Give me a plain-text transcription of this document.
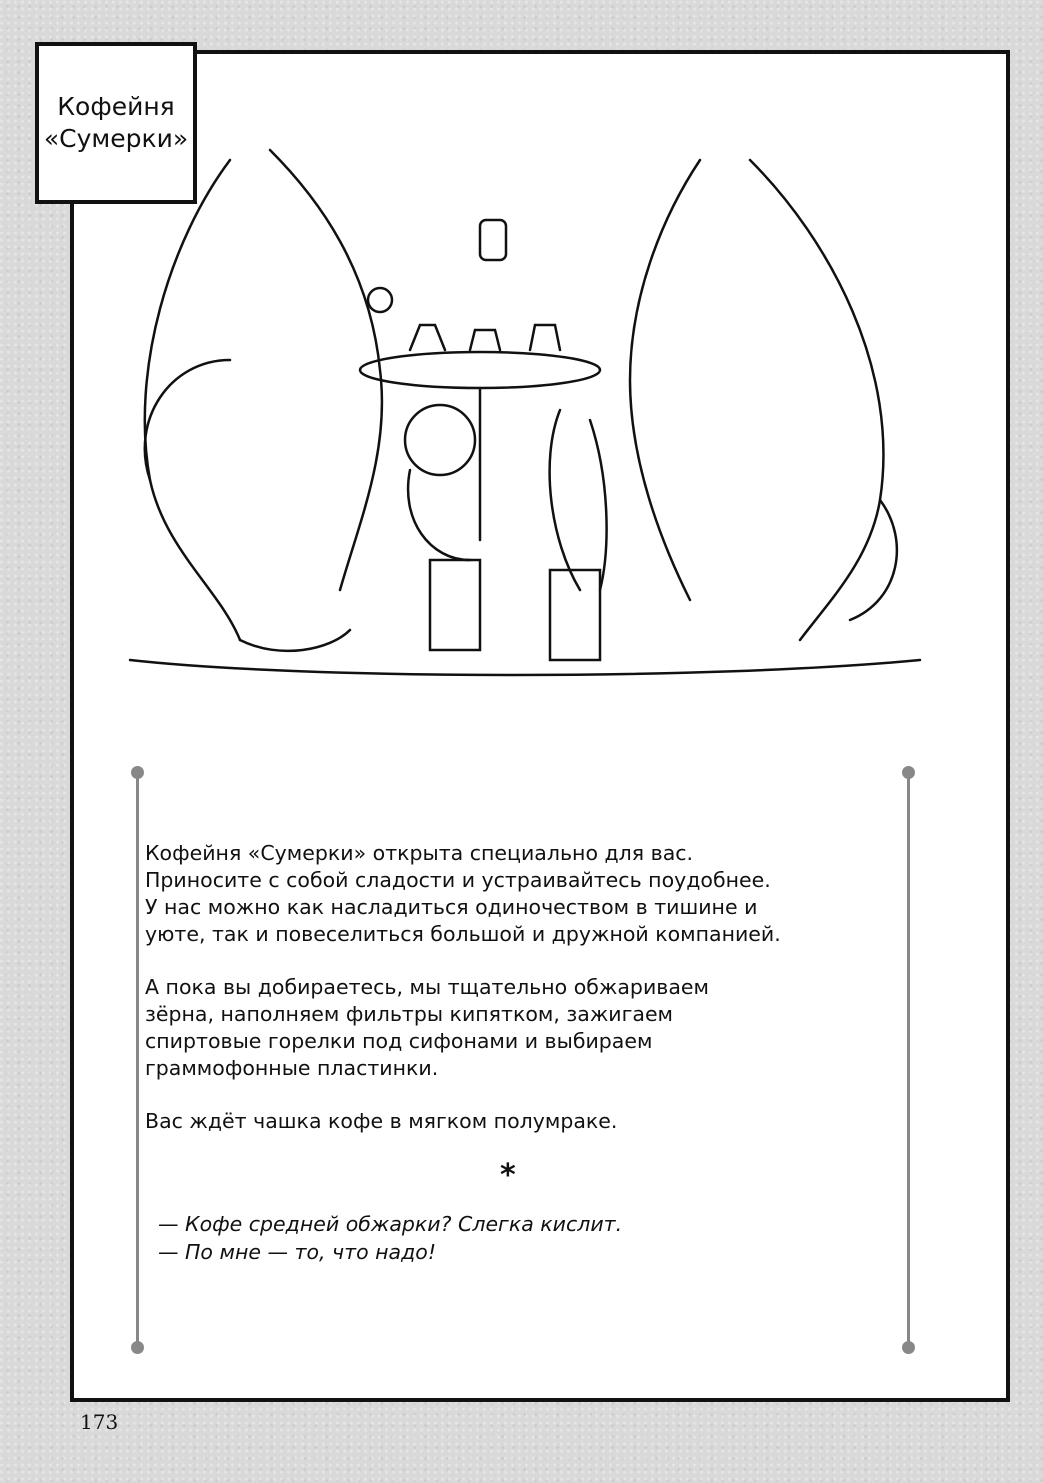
Кофейня
«Сумерки»

Кофейня «Сумерки» открыта специально для вас.
Приносите с собой сладости и устраивайтесь поудобнее.
У нас можно как насладиться одиночеством в тишине и
уюте, так и повеселиться большой и дружной компанией.

А пока вы добираетесь, мы тщательно обжариваем
зёрна, наполняем фильтры кипятком, зажигаем
спиртовые горелки под сифонами и выбираем
граммофонные пластинки.

Вас ждёт чашка кофе в мягком полумраке.

*
— Кофе средней обжарки? Слегка кислит.
— По мне — то, что надо!
173
